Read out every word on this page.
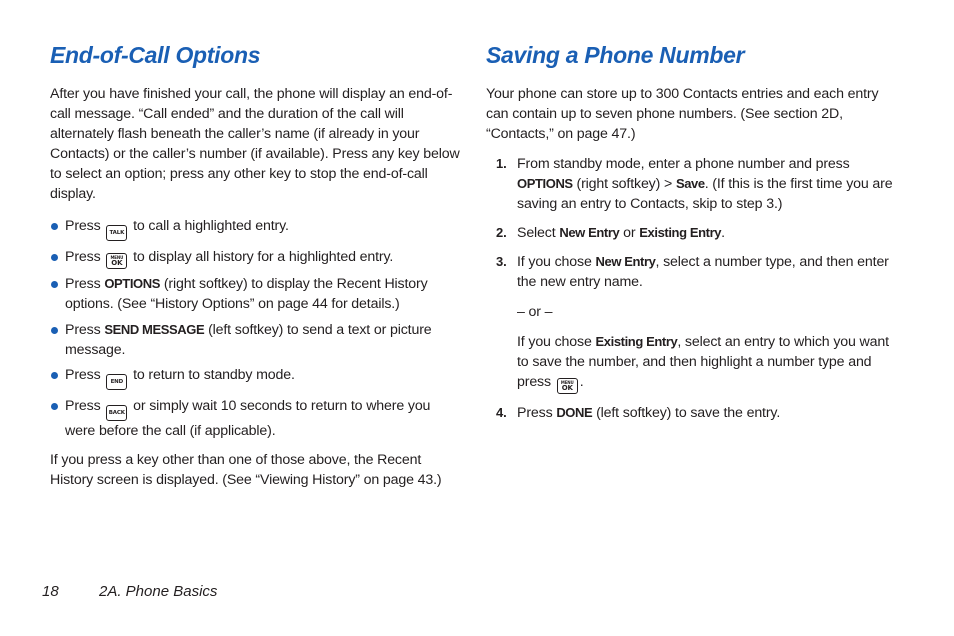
End-of-Call Options

After you have finished your call, the phone will display an end-of-call message. “Call ended” and the duration of the call will alternately flash beneath the caller’s name (if already in your Contacts) or the caller’s number (if available). Press any key below to select an option; press any other key to stop the end-of-call display.

Press	TALK to call a highlighted entry.
Press	MENU
OK to display all history for a highlighted entry.
Press OPTIONS (right softkey) to display the Recent History options. (See “History Options” on page 44 for details.)
Press SEND MESSAGE (left softkey) to send a text or picture message.
Press	END to return to standby mode.
Press BACK or simply wait 10 seconds to return to where you were before the call (if applicable).

If you press a key other than one of those above, the Recent History screen is displayed. (See “Viewing History” on page 43.)

Saving a Phone Number

Your phone can store up to 300 Contacts entries and each entry can contain up to seven phone numbers. (See section 2D, “Contacts,” on page 47.)

1. From standby mode, enter a phone number and press OPTIONS (right softkey) > Save. (If this is the first time you are saving an entry to Contacts, skip to step 3.)
2. Select New Entry or Existing Entry.
3. If you chose New Entry, select a number type, and then enter the new entry name.
– or –
If you chose Existing Entry, select an entry to which you want to save the number, and then highlight a number type and press	MENU
OK .
4. Press DONE (left softkey) to save the entry.
18	2A. Phone Basics
